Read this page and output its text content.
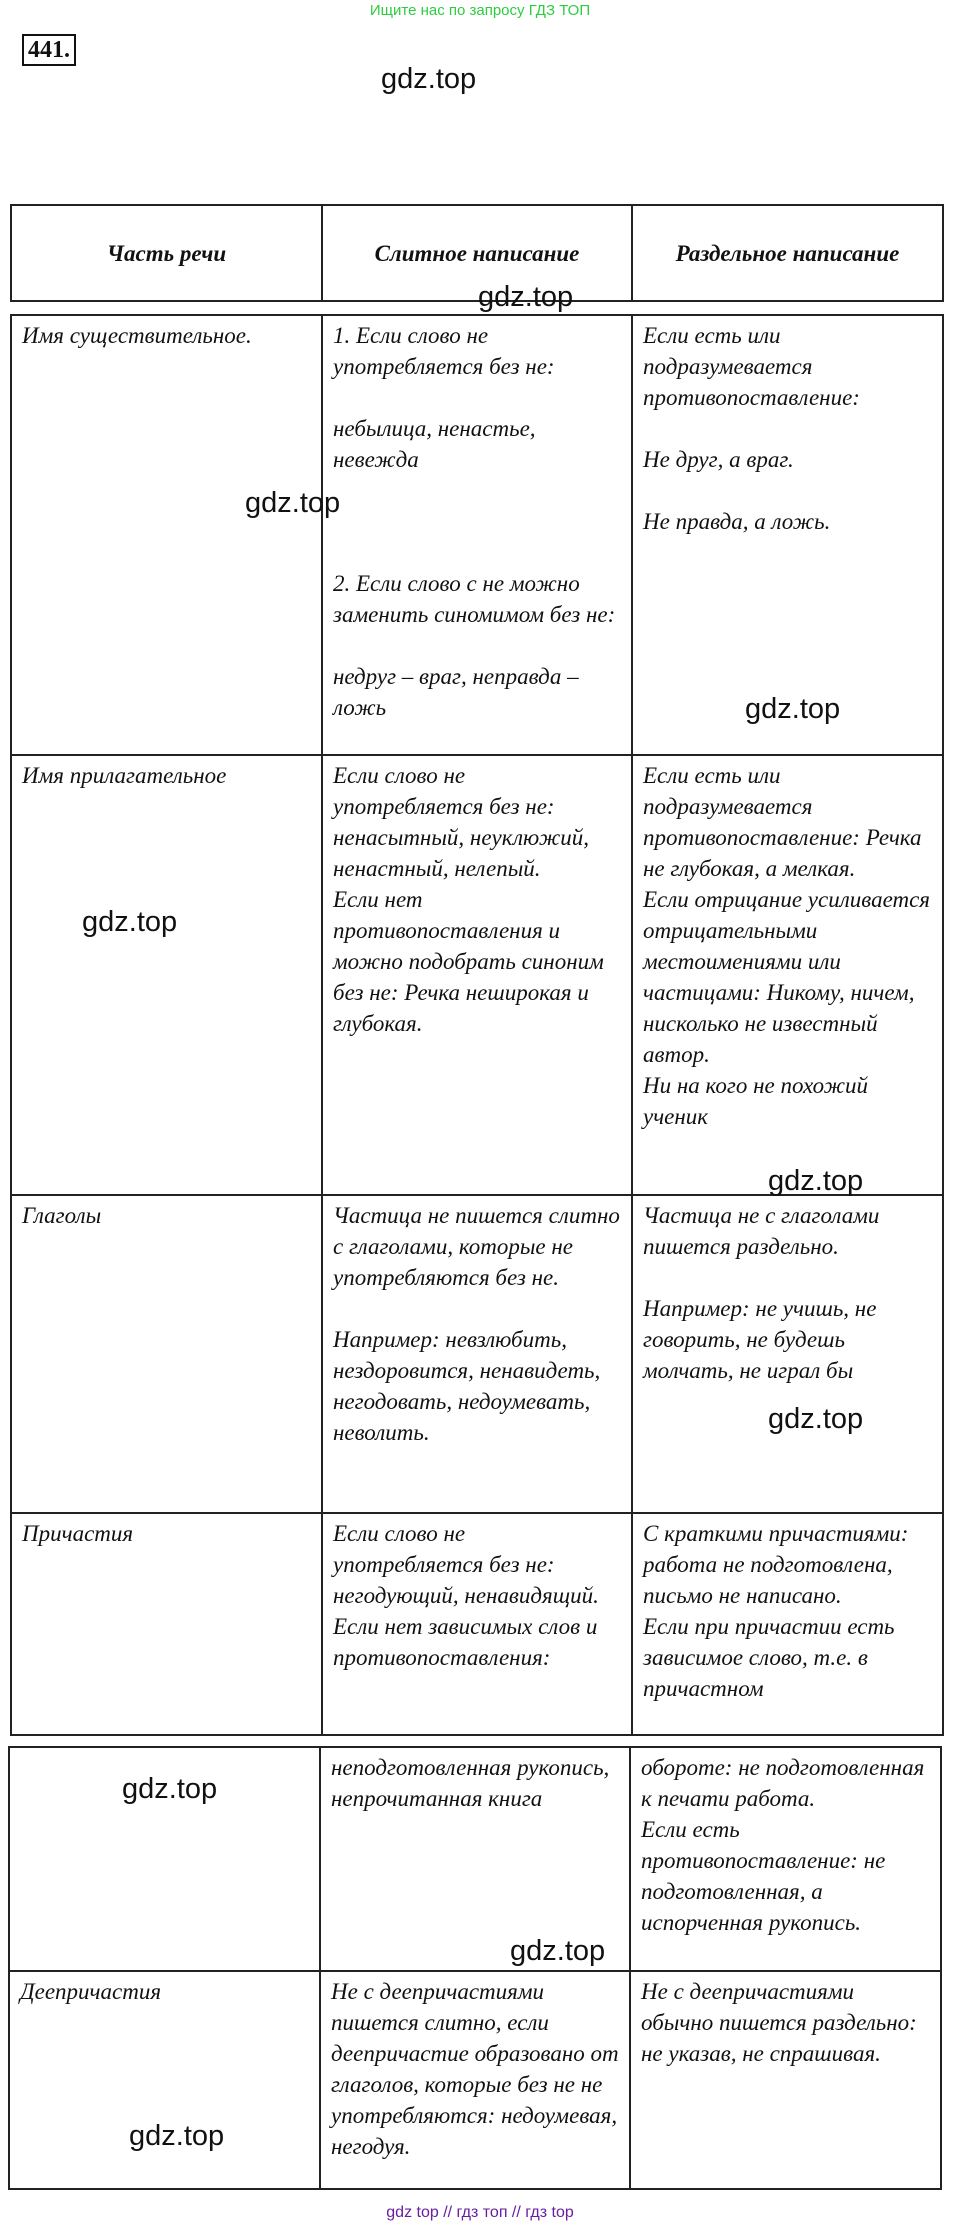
Ищите нас по запросу ГДЗ ТОП
441.
gdz.top
gdz.top
gdz.top
gdz.top
gdz.top
gdz.top
gdz.top
gdz.top
gdz.top
gdz.top
Часть речи	Слитное написание	Раздельное написание

Имя существительное.	1. Если слово не употребляется без не:

небылица, ненастье, невежда

2. Если слово с не можно заменить синомимом без не:

недруг – враг, неправда – ложь	Если есть или подразумевается противопоставление:

Не друг, а враг.

Не правда, а ложь.
Имя прилагательное	Если слово не употребляется без не: ненасытный, неуклюжий, ненастный, нелепый.
Если нет противопоставления и можно подобрать синоним без не: Речка неширокая и глубокая.	Если есть или подразумевается противопоставление: Речка не глубокая, а мелкая.
Если отрицание усиливается отрицательными местоимениями или частицами: Никому, ничем, нисколько не известный автор.
Ни на кого не похожий ученик
Глаголы	Частица не пишется слитно с глаголами, которые не употребляются без не.

Например: невзлюбить, нездоровится, ненавидеть, негодовать, недоумевать, неволить.	Частица не с глаголами пишется раздельно.

Например: не учишь, не говорить, не будешь молчать, не играл бы
Причастия	Если слово не употребляется без не: негодующий, ненавидящий.
Если нет зависимых слов и противопоставления:	С краткими причастиями: работа не подготовлена, письмо не написано.
Если при причастии есть зависимое слово, т.е. в причастном
	неподготовленная рукопись, непрочитанная книга	обороте: не подготовленная к печати работа.
Если есть противопоставление: не подготовленная, а испорченная рукопись.
Деепричастия	Не с деепричастиями пишется слитно, если деепричастие образовано от глаголов, которые без не не употребляются: недоумевая, негодуя.	Не с деепричастиями обычно пишется раздельно: не указав, не спрашивая.
gdz top // гдз топ // гдз top
